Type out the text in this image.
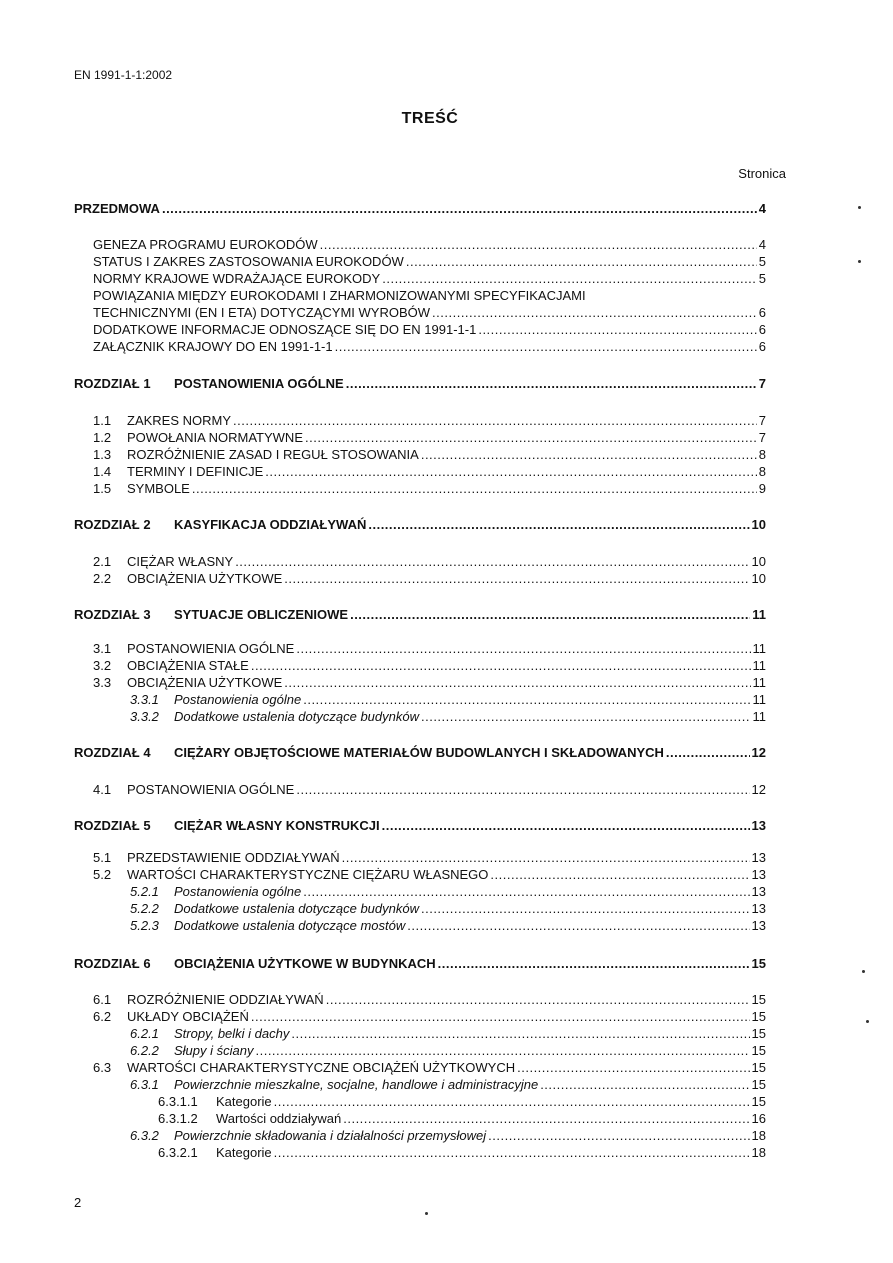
EN 1991-1-1:2002
TREŚĆ
Stronica
PRZEDMOWA .....	4
GENEZA PROGRAMU EUROKODÓW .....	4
STATUS I ZAKRES ZASTOSOWANIA EUROKODÓW .....	5
NORMY KRAJOWE WDRAŻAJĄCE EUROKODY .....	5
POWIĄZANIA MIĘDZY EUROKODAMI I ZHARMONIZOWANYMI SPECYFIKACJAMI
TECHNICZNYMI (EN I ETA) DOTYCZĄCYMI WYROBÓW .....	6
DODATKOWE INFORMACJE ODNOSZĄCE SIĘ DO EN 1991-1-1 .....	6
ZAŁĄCZNIK KRAJOWY DO EN 1991-1-1 .....	6
ROZDZIAŁ 1	POSTANOWIENIA OGÓLNE .....	7
1.1	ZAKRES NORMY .....	7
1.2	POWOŁANIA NORMATYWNE .....	7
1.3	ROZRÓŻNIENIE ZASAD I REGUŁ STOSOWANIA .....	8
1.4	TERMINY I DEFINICJE .....	8
1.5	SYMBOLE .....	9
ROZDZIAŁ 2	KASYFIKACJA ODDZIAŁYWAŃ .....	10
2.1	CIĘŻAR WŁASNY .....	10
2.2	OBCIĄŻENIA UŻYTKOWE .....	10
ROZDZIAŁ 3	SYTUACJE OBLICZENIOWE .....	11
3.1	POSTANOWIENIA OGÓLNE .....	11
3.2	OBCIĄŻENIA STAŁE .....	11
3.3	OBCIĄŻENIA UŻYTKOWE .....	11
3.3.1	Postanowienia ogólne .....	11
3.3.2	Dodatkowe ustalenia dotyczące budynków .....	11
ROZDZIAŁ 4	CIĘŻARY OBJĘTOŚCIOWE MATERIAŁÓW BUDOWLANYCH I SKŁADOWANYCH .....	12
4.1	POSTANOWIENIA OGÓLNE .....	12
ROZDZIAŁ 5	CIĘŻAR WŁASNY KONSTRUKCJI .....	13
5.1	PRZEDSTAWIENIE ODDZIAŁYWAŃ .....	13
5.2	WARTOŚCI CHARAKTERYSTYCZNE CIĘŻARU WŁASNEGO .....	13
5.2.1	Postanowienia ogólne .....	13
5.2.2	Dodatkowe ustalenia dotyczące budynków .....	13
5.2.3	Dodatkowe ustalenia dotyczące mostów .....	13
ROZDZIAŁ 6	OBCIĄŻENIA UŻYTKOWE W BUDYNKACH .....	15
6.1	ROZRÓŻNIENIE ODDZIAŁYWAŃ .....	15
6.2	UKŁADY OBCIĄŻEŃ .....	15
6.2.1	Stropy, belki i dachy .....	15
6.2.2	Słupy i ściany .....	15
6.3	WARTOŚCI CHARAKTERYSTYCZNE OBCIĄŻEŃ UŻYTKOWYCH .....	15
6.3.1	Powierzchnie mieszkalne, socjalne, handlowe i administracyjne .....	15
6.3.1.1	Kategorie .....	15
6.3.1.2	Wartości oddziaływań .....	16
6.3.2	Powierzchnie składowania i działalności przemysłowej .....	18
6.3.2.1	Kategorie .....	18
2
